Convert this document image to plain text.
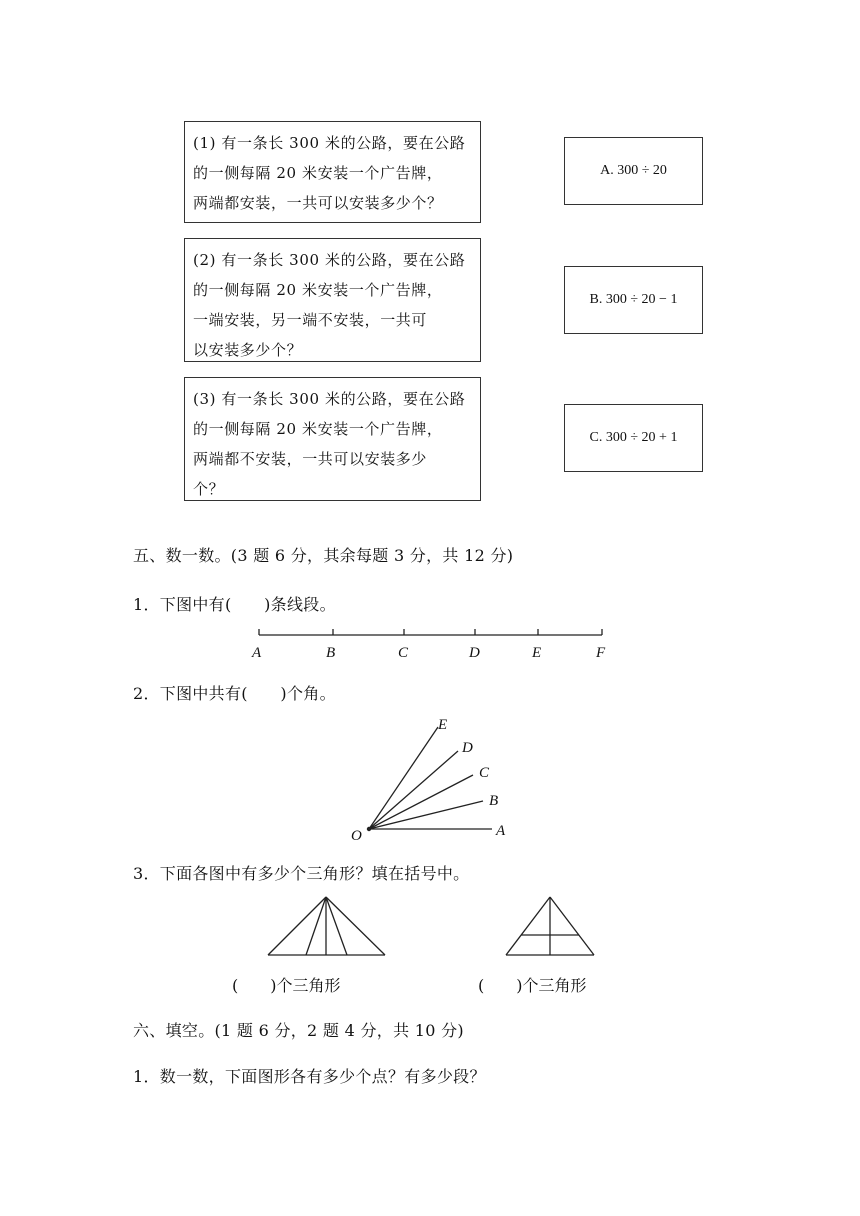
(1) 有一条长 300 米的公路，要在公路
的一侧每隔 20 米安装一个广告牌，
两端都安装，一共可以安装多少个？
(2) 有一条长 300 米的公路，要在公路
的一侧每隔 20 米安装一个广告牌，
一端安装，另一端不安装，一共可
以安装多少个？
(3) 有一条长 300 米的公路，要在公路
的一侧每隔 20 米安装一个广告牌，
两端都不安装，一共可以安装多少
个？
A. 300 ÷ 20
B. 300 ÷ 20 − 1
C. 300 ÷ 20 + 1
五、数一数。(3 题 6 分，其余每题 3 分，共 12 分)
1．下图中有(　　)条线段。
A	B	C	D	E	F
2．下图中共有(　　)个角。
O	A
B
C
D
E
3．下面各图中有多少个三角形？填在括号中。
(　　)个三角形	(　　)个三角形
六、填空。(1 题 6 分，2 题 4 分，共 10 分)
1．数一数，下面图形各有多少个点？有多少段？
